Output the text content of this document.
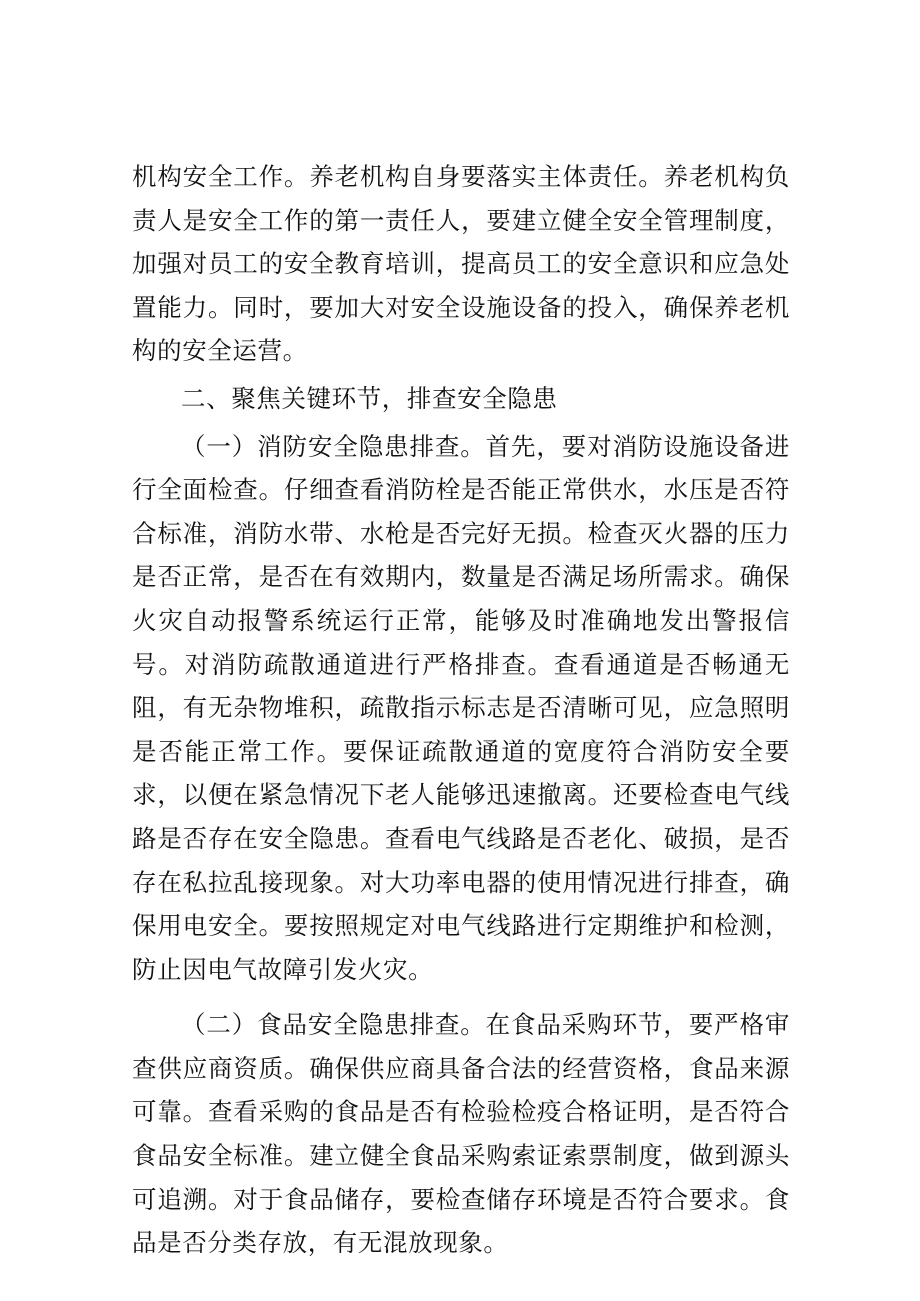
机构安全工作。养老机构自身要落实主体责任。养老机构负责人是安全工作的第一责任人，要建立健全安全管理制度，加强对员工的安全教育培训，提高员工的安全意识和应急处置能力。同时，要加大对安全设施设备的投入，确保养老机构的安全运营。

二、聚焦关键环节，排查安全隐患

（一）消防安全隐患排查。首先，要对消防设施设备进行全面检查。仔细查看消防栓是否能正常供水，水压是否符合标准，消防水带、水枪是否完好无损。检查灭火器的压力是否正常，是否在有效期内，数量是否满足场所需求。确保火灾自动报警系统运行正常，能够及时准确地发出警报信号。对消防疏散通道进行严格排查。查看通道是否畅通无阻，有无杂物堆积，疏散指示标志是否清晰可见，应急照明是否能正常工作。要保证疏散通道的宽度符合消防安全要求，以便在紧急情况下老人能够迅速撤离。还要检查电气线路是否存在安全隐患。查看电气线路是否老化、破损，是否存在私拉乱接现象。对大功率电器的使用情况进行排查，确保用电安全。要按照规定对电气线路进行定期维护和检测，防止因电气故障引发火灾。

（二）食品安全隐患排查。在食品采购环节，要严格审查供应商资质。确保供应商具备合法的经营资格，食品来源可靠。查看采购的食品是否有检验检疫合格证明，是否符合食品安全标准。建立健全食品采购索证索票制度，做到源头可追溯。对于食品储存，要检查储存环境是否符合要求。食品是否分类存放，有无混放现象。
